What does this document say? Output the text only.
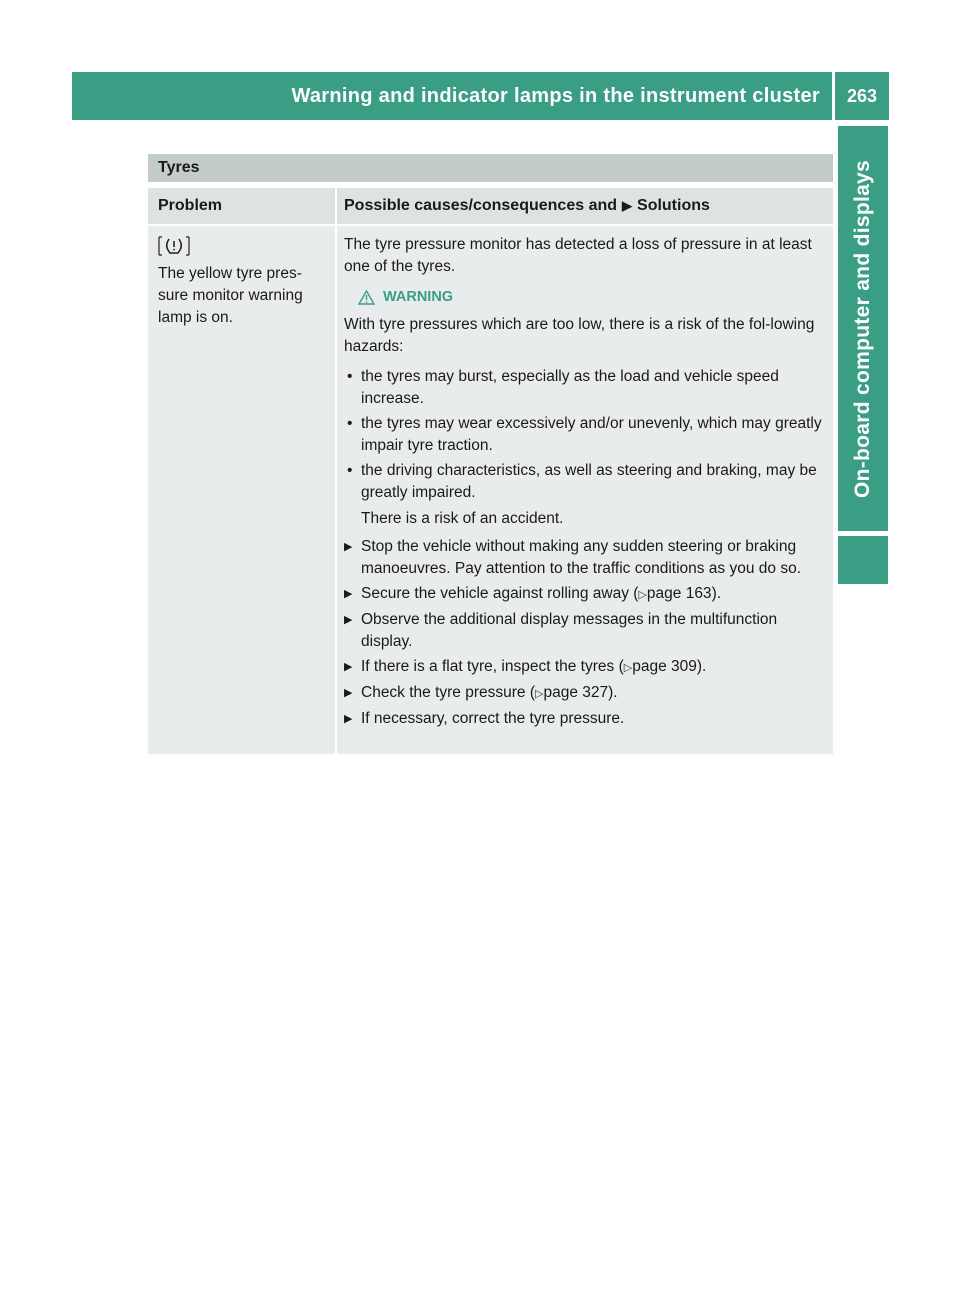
Warning and indicator lamps in the instrument cluster	263
On-board computer and displays
Tyres
Problem	Possible causes/consequences and ▶ Solutions
The yellow tyre pres-
sure monitor warning
lamp is on.

The tyre pressure monitor has detected a loss of pressure in at least one of the tyres.

WARNING

With tyre pressures which are too low, there is a risk of the fol-lowing hazards:

• the tyres may burst, especially as the load and vehicle speed increase.
• the tyres may wear excessively and/or unevenly, which may greatly impair tyre traction.
• the driving characteristics, as well as steering and braking, may be greatly impaired.
There is a risk of an accident.
▶ Stop the vehicle without making any sudden steering or braking manoeuvres. Pay attention to the traffic conditions as you do so.
▶ Secure the vehicle against rolling away (▷page 163).
▶ Observe the additional display messages in the multifunction display.
▶ If there is a flat tyre, inspect the tyres (▷page 309).
▶ Check the tyre pressure (▷page 327).
▶ If necessary, correct the tyre pressure.
